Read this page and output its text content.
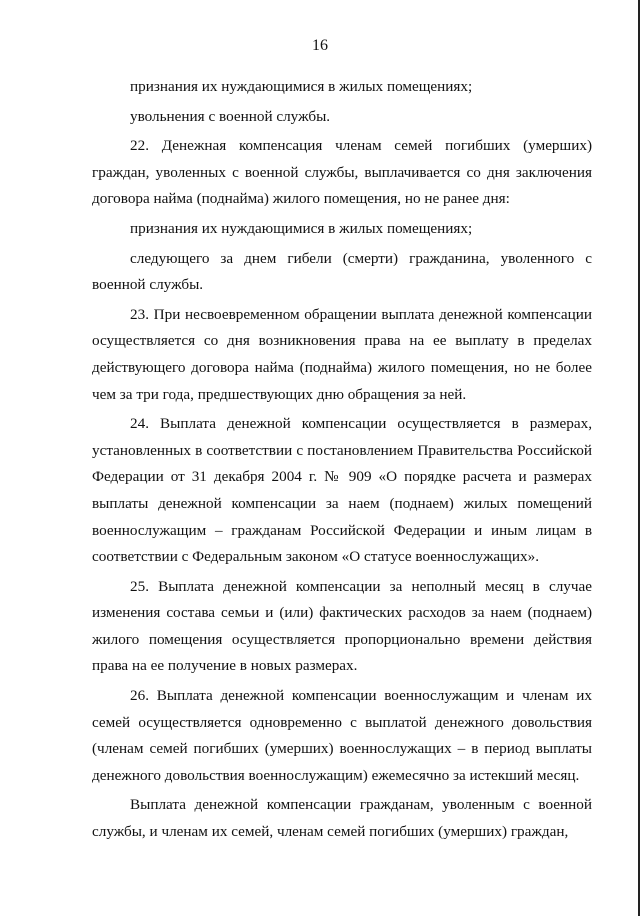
16

признания их нуждающимися в жилых помещениях;

увольнения с военной службы.

22. Денежная компенсация членам семей погибших (умерших) граждан, уволенных с военной службы, выплачивается со дня заключения договора найма (поднайма) жилого помещения, но не ранее дня:

признания их нуждающимися в жилых помещениях;

следующего за днем гибели (смерти) гражданина, уволенного с военной службы.

23. При несвоевременном обращении выплата денежной компенсации осуществляется со дня возникновения права на ее выплату в пределах действующего договора найма (поднайма) жилого помещения, но не более чем за три года, предшествующих дню обращения за ней.

24. Выплата денежной компенсации осуществляется в размерах, установленных в соответствии с постановлением Правительства Российской Федерации от 31 декабря 2004 г. № 909 «О порядке расчета и размерах выплаты денежной компенсации за наем (поднаем) жилых помещений военнослужащим – гражданам Российской Федерации и иным лицам в соответствии с Федеральным законом «О статусе военнослужащих».

25. Выплата денежной компенсации за неполный месяц в случае изменения состава семьи и (или) фактических расходов за наем (поднаем) жилого помещения осуществляется пропорционально времени действия права на ее получение в новых размерах.

26. Выплата денежной компенсации военнослужащим и членам их семей осуществляется одновременно с выплатой денежного довольствия (членам семей погибших (умерших) военнослужащих – в период выплаты денежного довольствия военнослужащим) ежемесячно за истекший месяц.

Выплата денежной компенсации гражданам, уволенным с военной службы, и членам их семей, членам семей погибших (умерших) граждан,
